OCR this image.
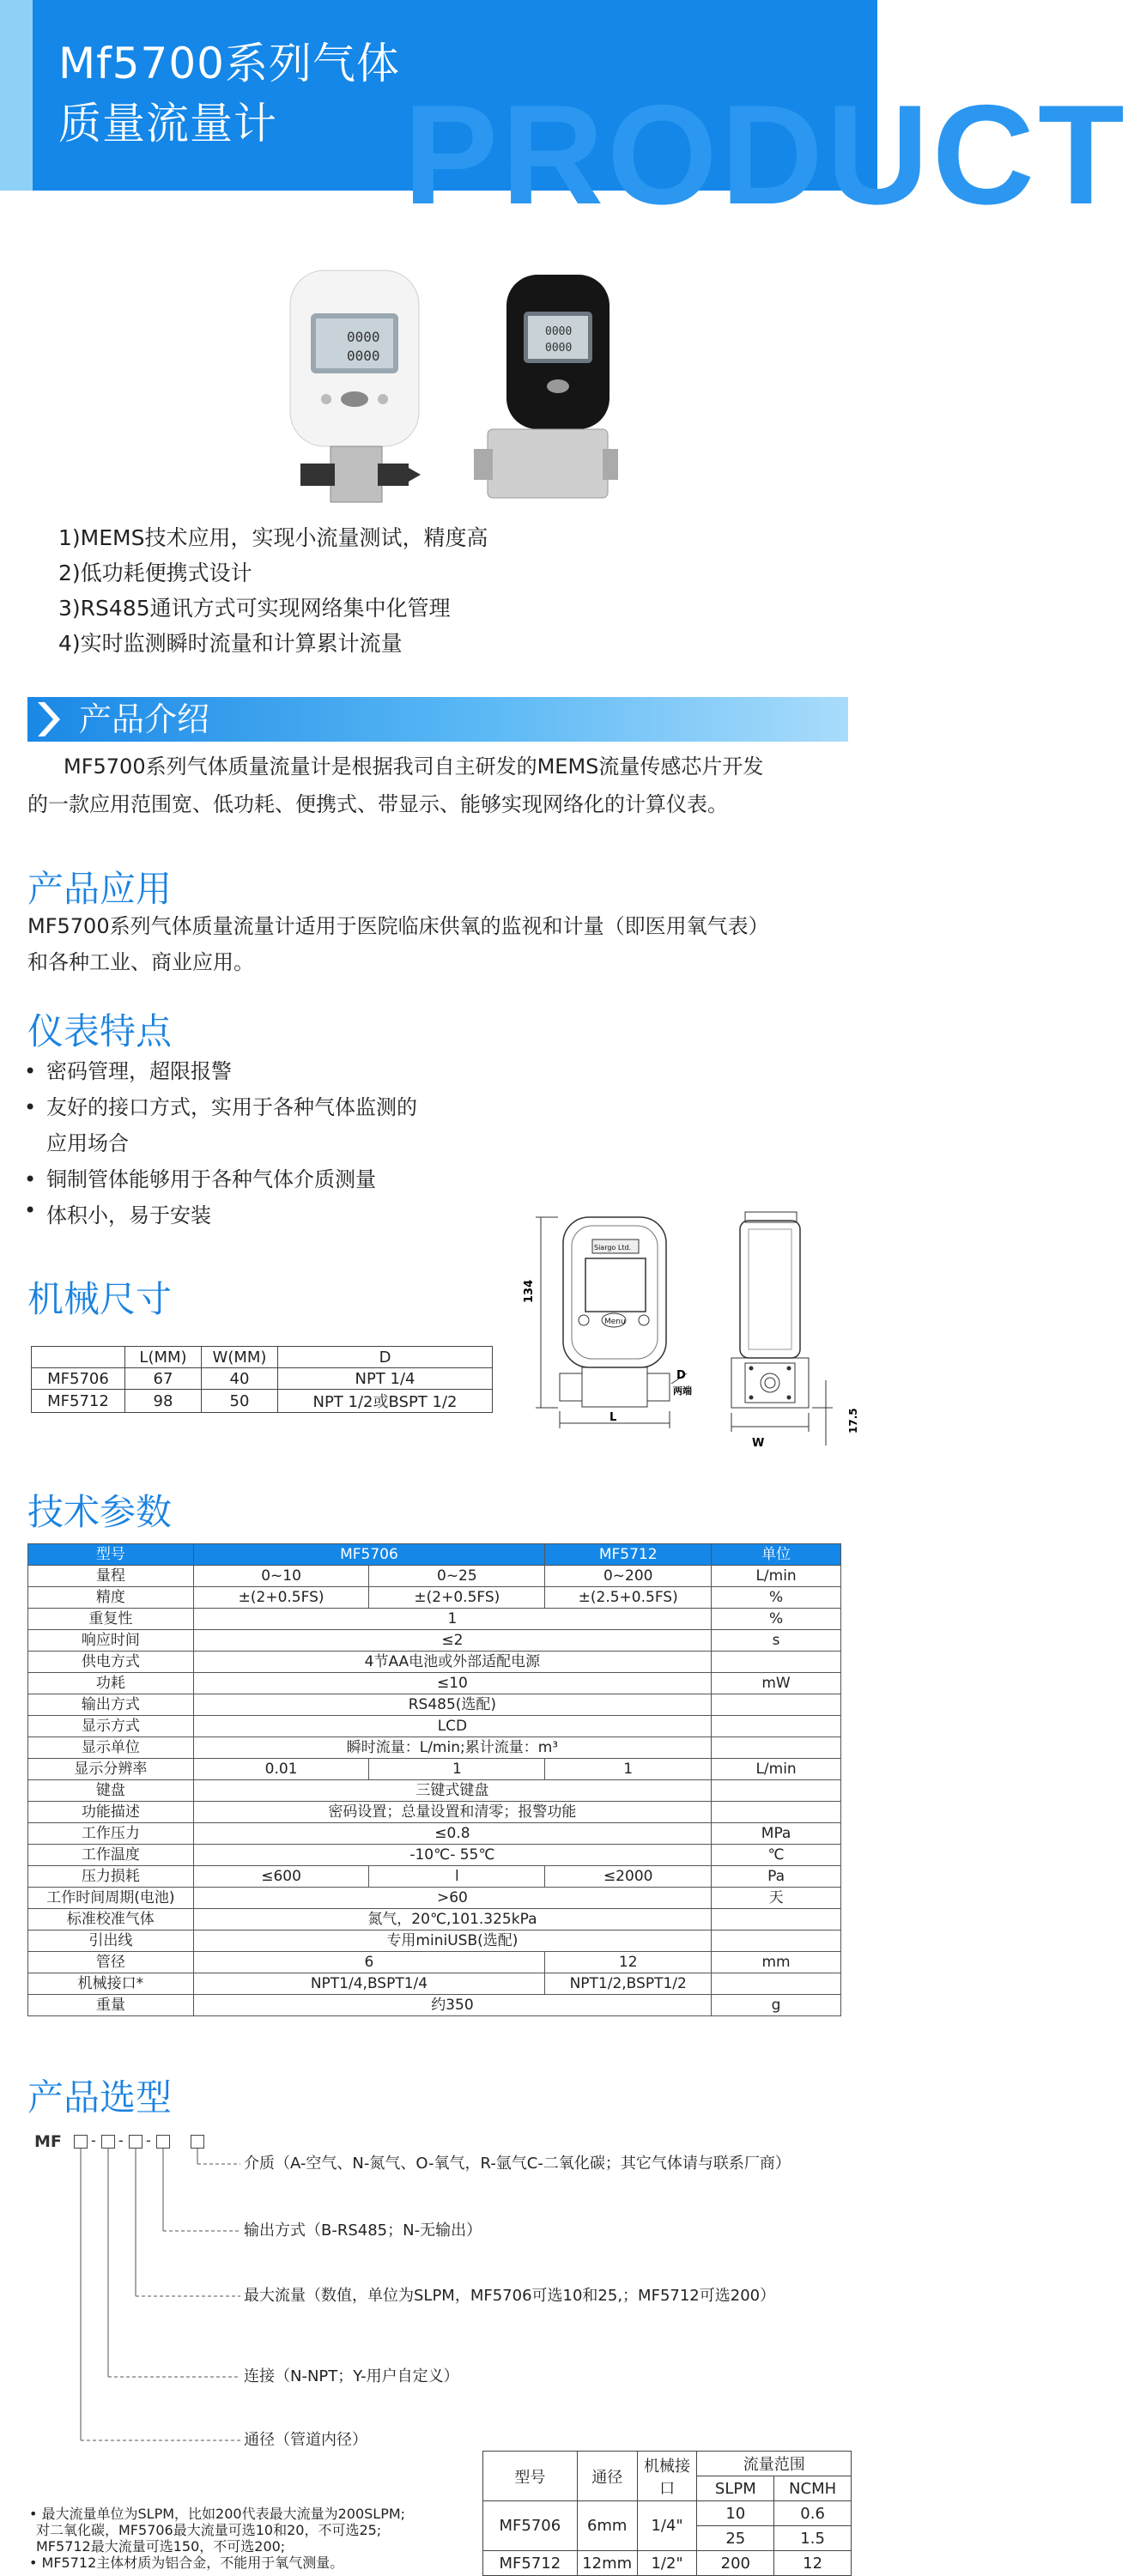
PRODUCT
Mf5700系列气体
质量流量计
0000
0000
0000
0000
1)MEMS技术应用，实现小流量测试，精度高
2)低功耗便携式设计
3)RS485通讯方式可实现网络集中化管理
4)实时监测瞬时流量和计算累计流量
产品介绍
MF5700系列气体质量流量计是根据我司自主研发的MEMS流量传感芯片开发
的一款应用范围宽、低功耗、便携式、带显示、能够实现网络化的计算仪表。
产品应用
MF5700系列气体质量流量计适用于医院临床供氧的监视和计量（即医用氧气表）
和各种工业、商业应用。
仪表特点
• 密码管理，超限报警
• 友好的接口方式，实用于各种气体监测的
应用场合
• 铜制管体能够用于各种气体介质测量
• 体积小，易于安装
机械尺寸
	L(MM)	W(MM)	D
MF5706	67	40	NPT 1/4
MF5712	98	50	NPT 1/2或BSPT 1/2
Siargo Ltd.
Menu
134
L
D
两端
W
17.5
技术参数
型号	MF5706		MF5712	单位
量程	0~10	0~25	0~200	L/min
精度	±(2+0.5FS)	±(2+0.5FS)	±(2.5+0.5FS)	%
重复性	1			%
响应时间	≤2			s
供电方式	4节AA电池或外部适配电源			
功耗	≤10			mW
输出方式	RS485(选配)			
显示方式	LCD			
显示单位	瞬时流量：L/min;累计流量：m³			
显示分辨率	0.01	1	1	L/min
键盘	三键式键盘			
功能描述	密码设置；总量设置和清零；报警功能			
工作压力	≤0.8			MPa
工作温度	-10℃- 55℃			℃
压力损耗	≤600	l	≤2000	Pa
工作时间周期(电池)	>60			天
标准校准气体	氮气，20℃,101.325kPa			
引出线	专用miniUSB(选配)			
管径	6		12	mm
机械接口*	NPT1/4,BSPT1/4		NPT1/2,BSPT1/2	
重量	约350			g
产品选型
MF - - -
介质（A-空气、N-氮气、O-氧气，R-氩气C-二氧化碳；其它气体请与联系厂商）
输出方式（B-RS485；N-无输出）
最大流量（数值，单位为SLPM，MF5706可选10和25,；MF5712可选200）
连接（N-NPT；Y-用户自定义）
通径（管道内径）
• 最大流量单位为SLPM，比如200代表最大流量为200SLPM;
对二氧化碳，MF5706最大流量可选10和20，不可选25;
MF5712最大流量可选150，不可选200;
• MF5712主体材质为铝合金，不能用于氧气测量。
型号	通径	机械接口	流量范围	
			SLPM	NCMH
MF5706	6mm	1/4"	10	0.6
			25	1.5
MF5712	12mm	1/2"	200	12
